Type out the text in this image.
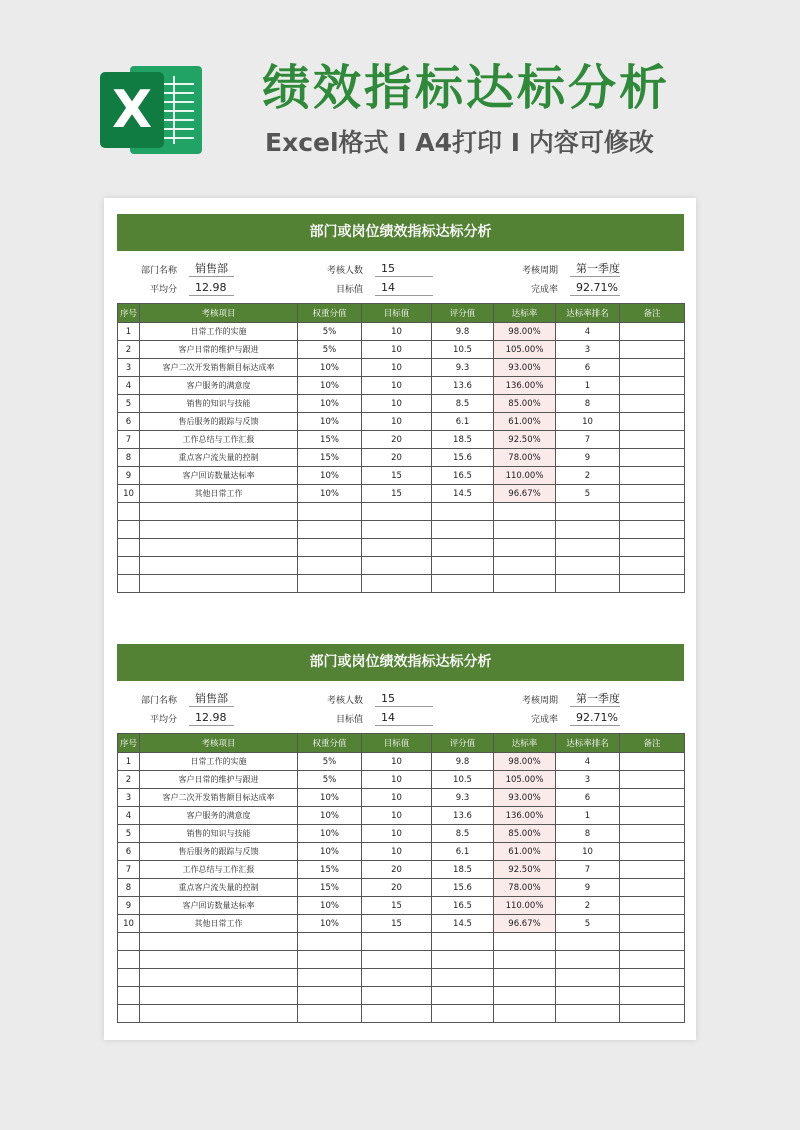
X 绩效指标达标分析
Excel格式 I A4打印 I 内容可修改
部门或岗位绩效指标达标分析
部门名称	销售部	考核人数	15	考核周期	第一季度
平均分	12.98	目标值	14	完成率	92.71%
序号	考核项目	权重分值	目标值	评分值	达标率	达标率排名	备注
1	日常工作的实施	5%	10	9.8	98.00%	4	
2	客户日常的维护与跟进	5%	10	10.5	105.00%	3	
3	客户二次开发销售额目标达成率	10%	10	9.3	93.00%	6	
4	客户服务的满意度	10%	10	13.6	136.00%	1	
5	销售的知识与技能	10%	10	8.5	85.00%	8	
6	售后服务的跟踪与反馈	10%	10	6.1	61.00%	10	
7	工作总结与工作汇报	15%	20	18.5	92.50%	7	
8	重点客户流失量的控制	15%	20	15.6	78.00%	9	
9	客户回访数量达标率	10%	15	16.5	110.00%	2	
10	其他日常工作	10%	15	14.5	96.67%	5	

部门或岗位绩效指标达标分析
部门名称	销售部	考核人数	15	考核周期	第一季度
平均分	12.98	目标值	14	完成率	92.71%
序号	考核项目	权重分值	目标值	评分值	达标率	达标率排名	备注
1	日常工作的实施	5%	10	9.8	98.00%	4	
2	客户日常的维护与跟进	5%	10	10.5	105.00%	3	
3	客户二次开发销售额目标达成率	10%	10	9.3	93.00%	6	
4	客户服务的满意度	10%	10	13.6	136.00%	1	
5	销售的知识与技能	10%	10	8.5	85.00%	8	
6	售后服务的跟踪与反馈	10%	10	6.1	61.00%	10	
7	工作总结与工作汇报	15%	20	18.5	92.50%	7	
8	重点客户流失量的控制	15%	20	15.6	78.00%	9	
9	客户回访数量达标率	10%	15	16.5	110.00%	2	
10	其他日常工作	10%	15	14.5	96.67%	5	
